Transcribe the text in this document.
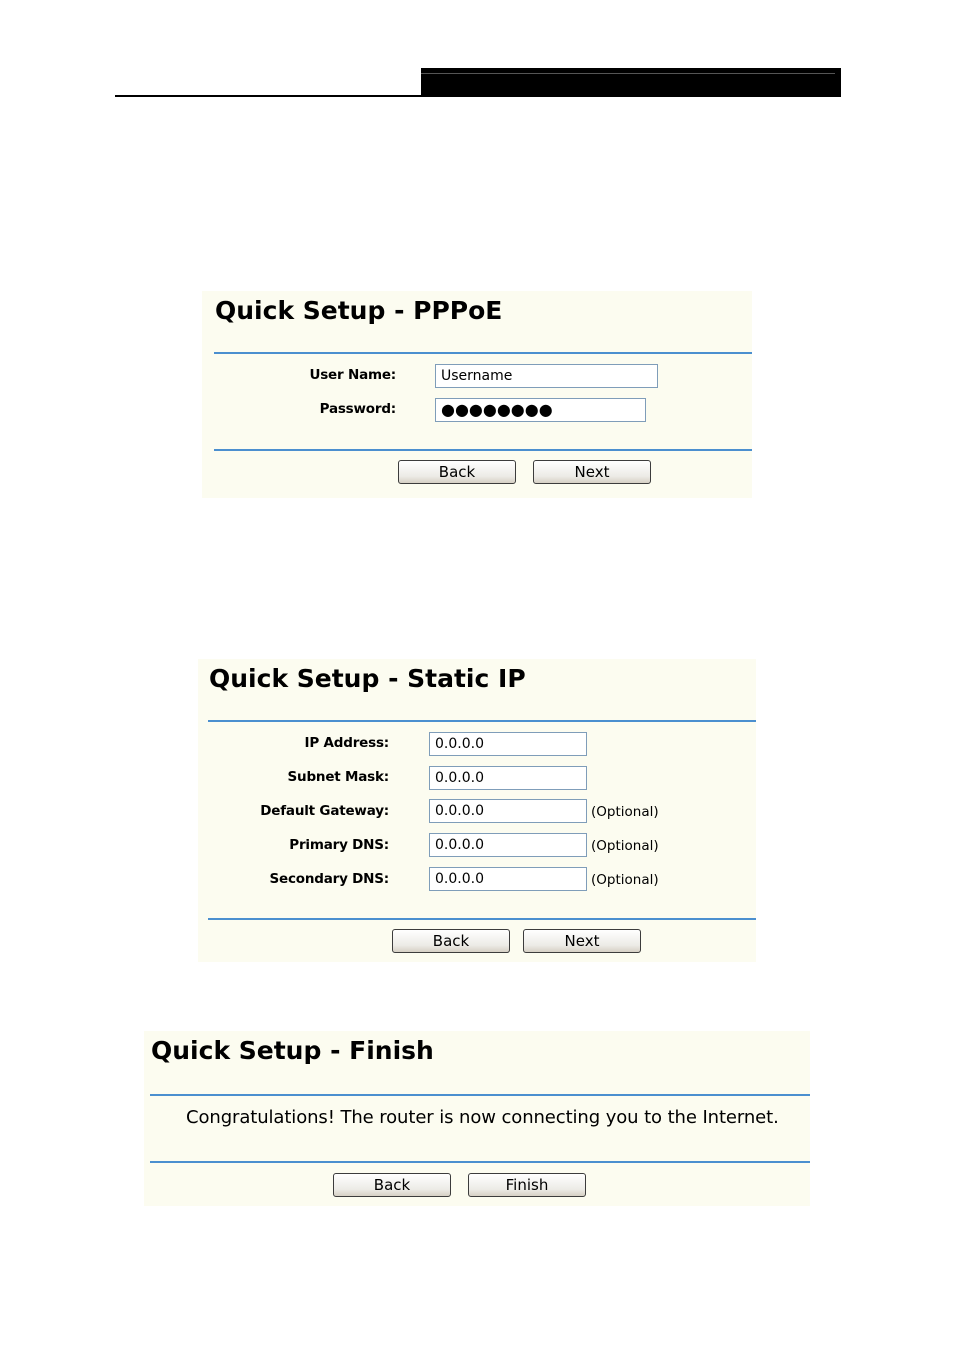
Quick Setup - PPPoE
User Name:	Username
Password:	●●●●●●●●
Back	Next
Quick Setup - Static IP
IP Address:	0.0.0.0
Subnet Mask:	0.0.0.0
Default Gateway:	0.0.0.0	(Optional)
Primary DNS:	0.0.0.0	(Optional)
Secondary DNS:	0.0.0.0	(Optional)
Back	Next
Quick Setup - Finish
Congratulations! The router is now connecting you to the Internet.
Back	Finish
